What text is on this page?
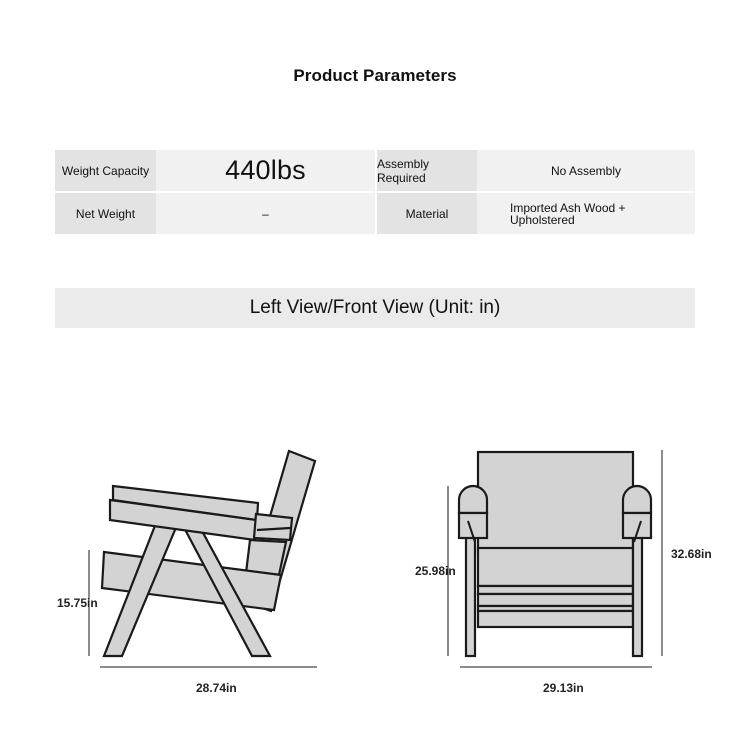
Product Parameters
Weight Capacity	440lbs	Assembly Required	No Assembly
Net Weight	–	Material	Imported Ash Wood +
Upholstered
Left View/Front View (Unit: in)
15.75in
28.74in
25.98in
32.68in
29.13in
